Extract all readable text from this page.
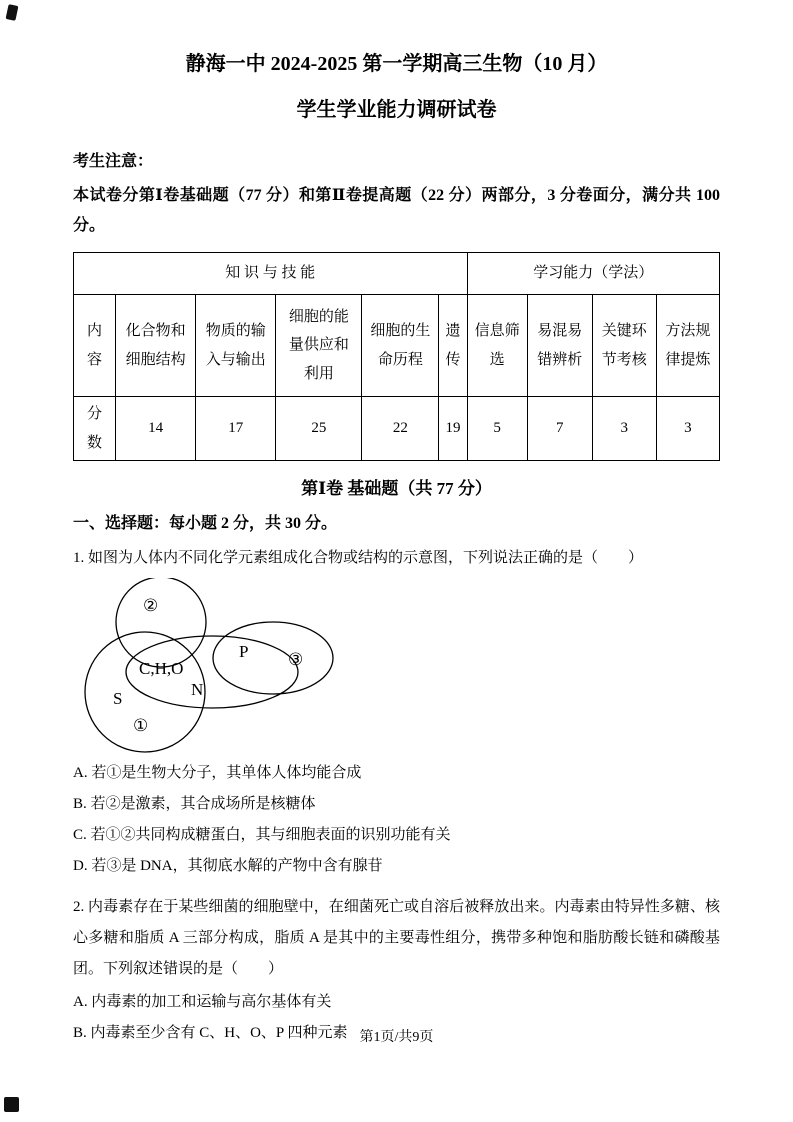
静海一中 2024-2025 第一学期高三生物（10 月）
学生学业能力调研试卷
考生注意：
本试卷分第Ⅰ卷基础题（77 分）和第Ⅱ卷提高题（22 分）两部分，3 分卷面分，满分共 100 分。
知 识 与 技 能						学习能力（学法）			
内容	化合物和细胞结构	物质的输入与输出	细胞的能量供应和利用	细胞的生命历程	遗传	信息筛选	易混易错辨析	关键环节考核	方法规律提炼
分数	14	17	25	22	19	5	7	3	3
第Ⅰ卷 基础题（共 77 分）
一、选择题：每小题 2 分，共 30 分。
1. 如图为人体内不同化学元素组成化合物或结构的示意图，下列说法正确的是（　　）
②
C,H,O
N
P ③
S
①
A. 若①是生物大分子，其单体人体均能合成
B. 若②是激素，其合成场所是核糖体
C. 若①②共同构成糖蛋白，其与细胞表面的识别功能有关
D. 若③是 DNA，其彻底水解的产物中含有腺苷
2. 内毒素存在于某些细菌的细胞壁中，在细菌死亡或自溶后被释放出来。内毒素由特异性多糖、核心多糖和脂质 A 三部分构成，脂质 A 是其中的主要毒性组分，携带多种饱和脂肪酸长链和磷酸基团。下列叙述错误的是（　　）
A. 内毒素的加工和运输与高尔基体有关
B. 内毒素至少含有 C、H、O、P 四种元素 第1页/共9页
